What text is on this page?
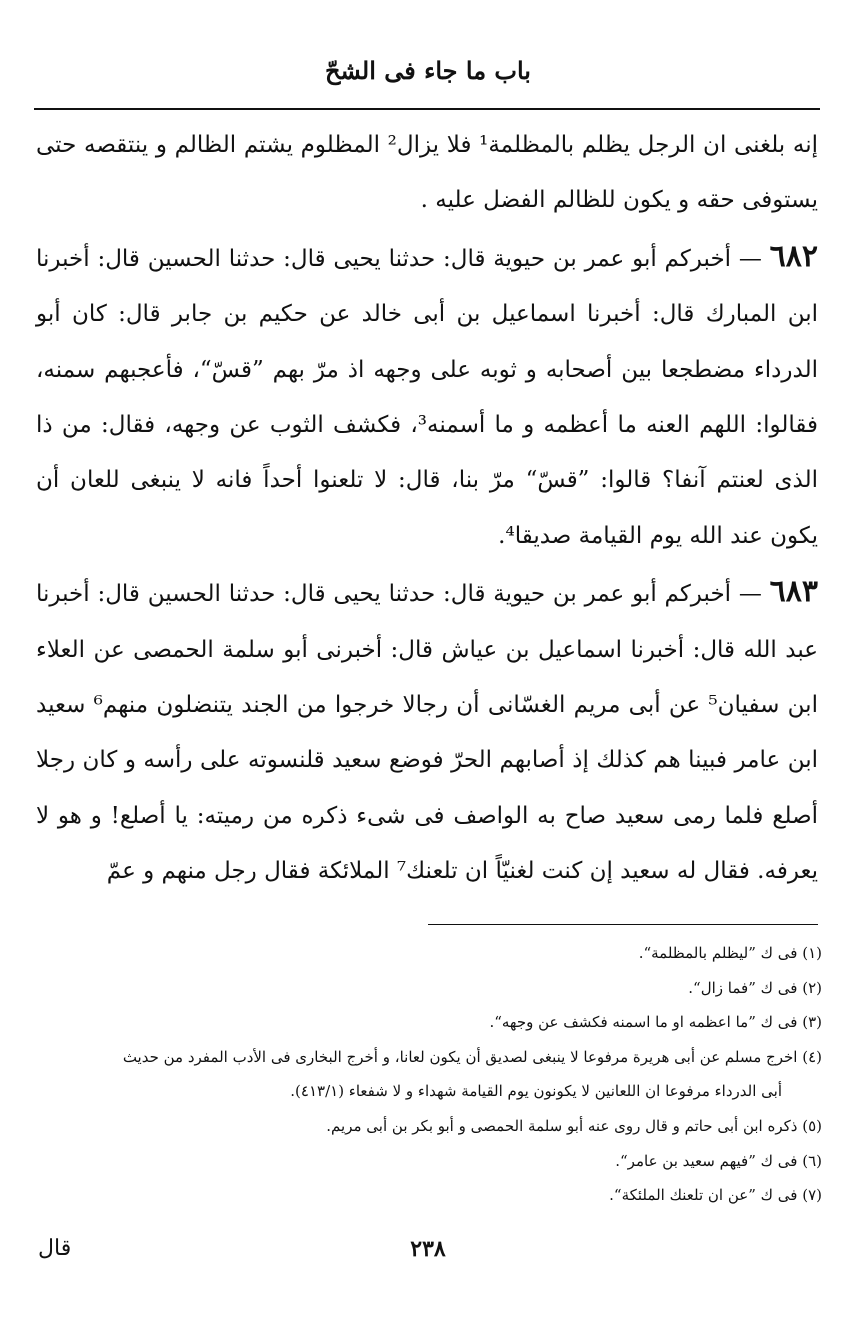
باب ما جاء فى الشحّ

إنه بلغنى ان الرجل يظلم بالمظلمة¹ فلا يزال² المظلوم يشتم الظالم و ينتقصه حتى يستوفى حقه و يكون للظالم الفضل عليه .

٦٨٢ — أخبركم أبو عمر بن حيوية قال: حدثنا يحيى قال: حدثنا الحسين قال: أخبرنا ابن المبارك قال: أخبرنا اسماعيل بن أبى خالد عن حكيم بن جابر قال: كان أبو الدرداء مضطجعا بين أصحابه و ثوبه على وجهه اذ مرّ بهم ”قسّ“، فأعجبهم سمنه، فقالوا: اللهم العنه ما أعظمه و ما أسمنه³، فكشف الثوب عن وجهه، فقال: من ذا الذى لعنتم آنفا؟ قالوا: ”قسّ“ مرّ بنا، قال: لا تلعنوا أحداً فانه لا ينبغى للعان أن يكون عند الله يوم القيامة صديقا⁴.

٦٨٣ — أخبركم أبو عمر بن حيوية قال: حدثنا يحيى قال: حدثنا الحسين قال: أخبرنا عبد الله قال: أخبرنا اسماعيل بن عياش قال: أخبرنى أبو سلمة الحمصى عن العلاء ابن سفيان⁵ عن أبى مريم الغسّانى أن رجالا خرجوا من الجند يتنضلون منهم⁶ سعيد ابن عامر فبينا هم كذلك إذ أصابهم الحرّ فوضع سعيد قلنسوته على رأسه و كان رجلا أصلع فلما رمى سعيد صاح به الواصف فى شىء ذكره من رميته: يا أصلع! و هو لا يعرفه. فقال له سعيد إن كنت لغنيّاً ان تلعنك⁷ الملائكة فقال رجل منهم و عمّ

(١) فى ك ”ليظلم بالمظلمة“.

(٢) فى ك ”فما زال“.

(٣) فى ك ”ما اعظمه او ما اسمنه فكشف عن وجهه“.

(٤) اخرج مسلم عن أبى هريرة مرفوعا لا ينبغى لصديق أن يكون لعانا، و أخرج البخارى فى الأدب المفرد من حديث

أبى الدرداء مرفوعا ان اللعانين لا يكونون يوم القيامة شهداء و لا شفعاء (٤١٣/١).

(٥) ذكره ابن أبى حاتم و قال روى عنه أبو سلمة الحمصى و أبو بكر بن أبى مريم.

(٦) فى ك ”فيهم سعيد بن عامر“.

(٧) فى ك ”عن ان تلعنك الملئكة“.

٢٣٨
قال
